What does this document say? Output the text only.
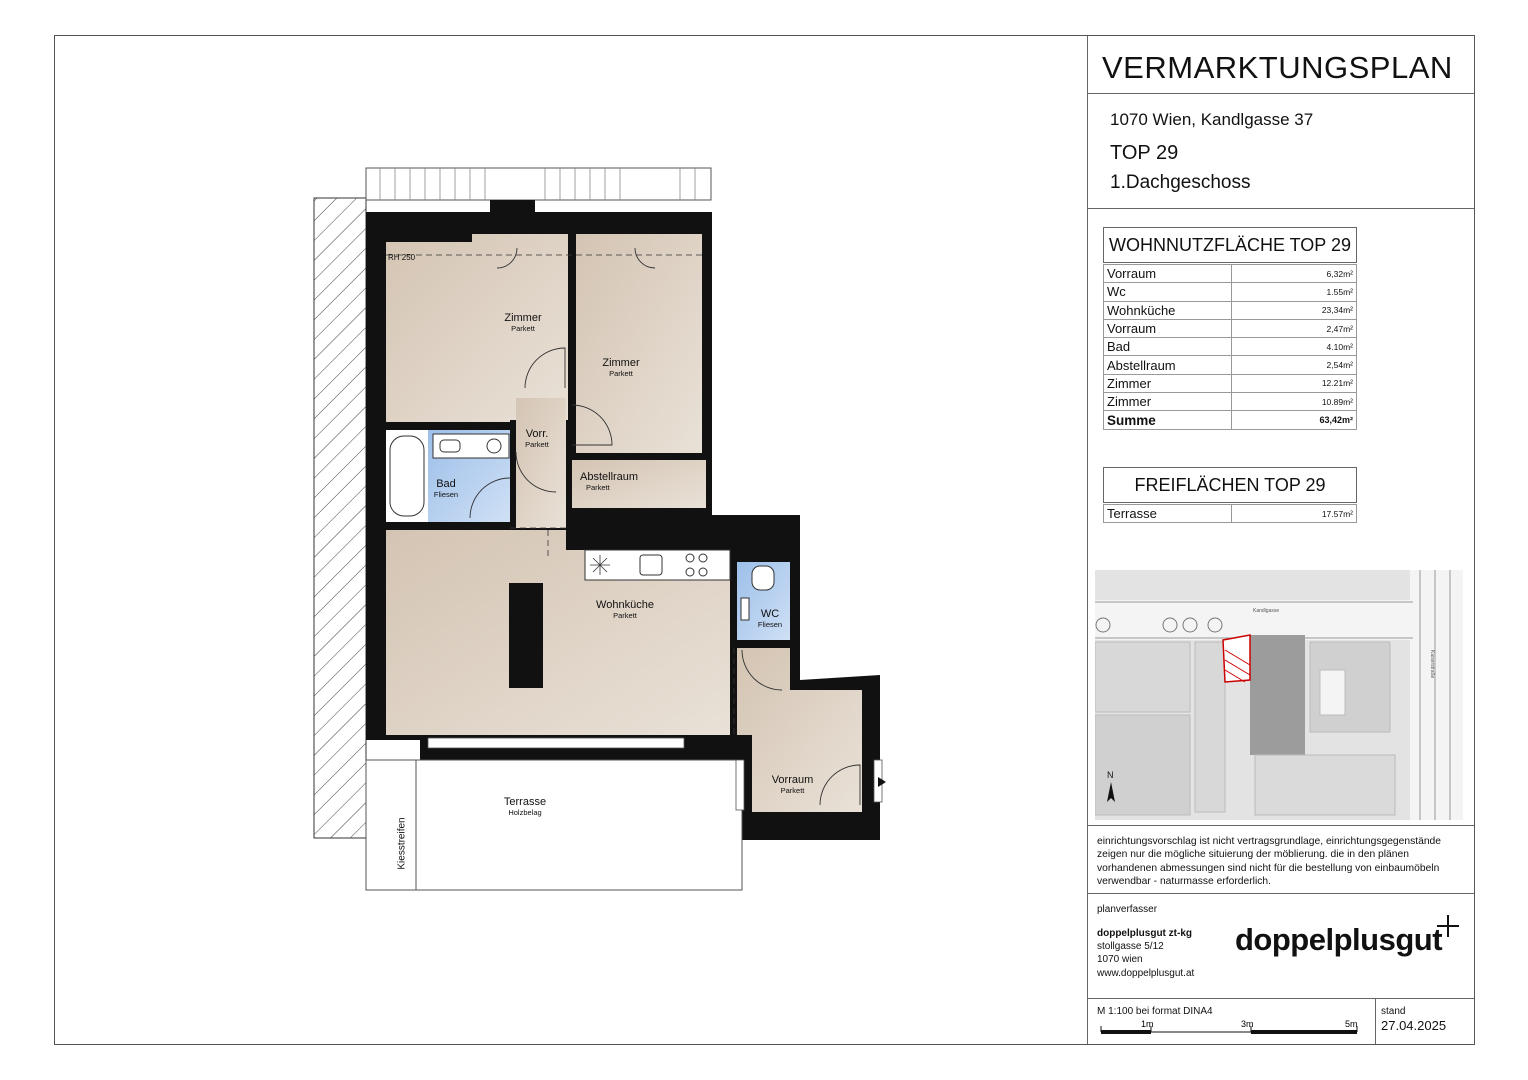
RH 250
Zimmer
Parkett
Zimmer
Parkett
Vorr.
Parkett
Bad
Fliesen
Abstellraum
Parkett
Wohnküche
Parkett	WC
Fliesen
Vorraum
Parkett
Terrasse
Holzbelag
Kiesstreifen
VERMARKTUNGSPLAN
1070 Wien, Kandlgasse 37
TOP 29
1.Dachgeschoss
WOHNNUTZFLÄCHE TOP 29
Vorraum	6,32m²
Wc	1.55m²
Wohnküche	23,34m²
Vorraum	2,47m²
Bad	4.10m²
Abstellraum	2,54m²
Zimmer	12.21m²
Zimmer	10.89m²
Summe	63,42m²
FREIFLÄCHEN TOP 29
Terrasse	17.57m²
Kandlgasse
Kaiserstraße
N
einrichtungsvorschlag ist nicht vertragsgrundlage, einrichtungsgegenstände zeigen nur die mögliche situierung der möblierung. die in den plänen vorhandenen abmessungen sind nicht für die bestellung von einbaumöbeln verwendbar - naturmasse erforderlich.
planverfasser
doppelplusgut zt-kg
stollgasse 5/12
1070 wien
www.doppelplusgut.at
doppelplusgut
M 1:100 bei format DINA4
1m	3m	5m
stand
27.04.2025
